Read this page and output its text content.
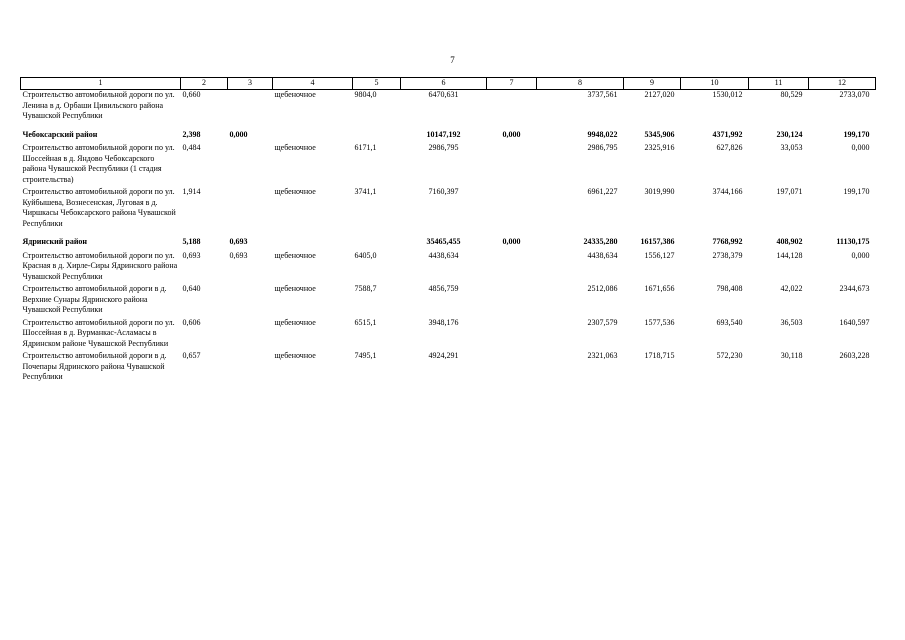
7
1	2	3	4	5	6	7	8	9	10	11	12
Строительство автомобильной дороги по ул. Ленина в д. Орбаши Цивильского района Чувашской Республики	0,660		щебеночное	9804,0	6470,631		3737,561	2127,020	1530,012	80,529	2733,070
Чебоксарский район	2,398	0,000			10147,192	0,000	9948,022	5345,906	4371,992	230,124	199,170
Строительство автомобильной дороги по ул. Шоссейная в д. Яндово Чебоксарского района Чувашской Республики (1 стадия строительства)	0,484		щебеночное	6171,1	2986,795		2986,795	2325,916	627,826	33,053	0,000
Строительство автомобильной дороги по ул. Куйбышева, Вознесенская, Луговая в д. Чиршкасы Чебоксарского района Чувашской Республики	1,914		щебеночное	3741,1	7160,397		6961,227	3019,990	3744,166	197,071	199,170
Ядринский район	5,188	0,693			35465,455	0,000	24335,280	16157,386	7768,992	408,902	11130,175
Строительство автомобильной дороги по ул. Красная в д. Хирле-Сиры Ядринского района Чувашской Республики	0,693	0,693	щебеночное	6405,0	4438,634		4438,634	1556,127	2738,379	144,128	0,000
Строительство автомобильной дороги в д. Верхние Сунары Ядринского района Чувашской Республики	0,640		щебеночное	7588,7	4856,759		2512,086	1671,656	798,408	42,022	2344,673
Строительство автомобильной дороги по ул. Шоссейная в д. Вурманкас-Асламасы в Ядринском районе Чувашской Республики	0,606		щебеночное	6515,1	3948,176		2307,579	1577,536	693,540	36,503	1640,597
Строительство автомобильной дороги в д. Почепары Ядринского района Чувашской Республики	0,657		щебеночное	7495,1	4924,291		2321,063	1718,715	572,230	30,118	2603,228
